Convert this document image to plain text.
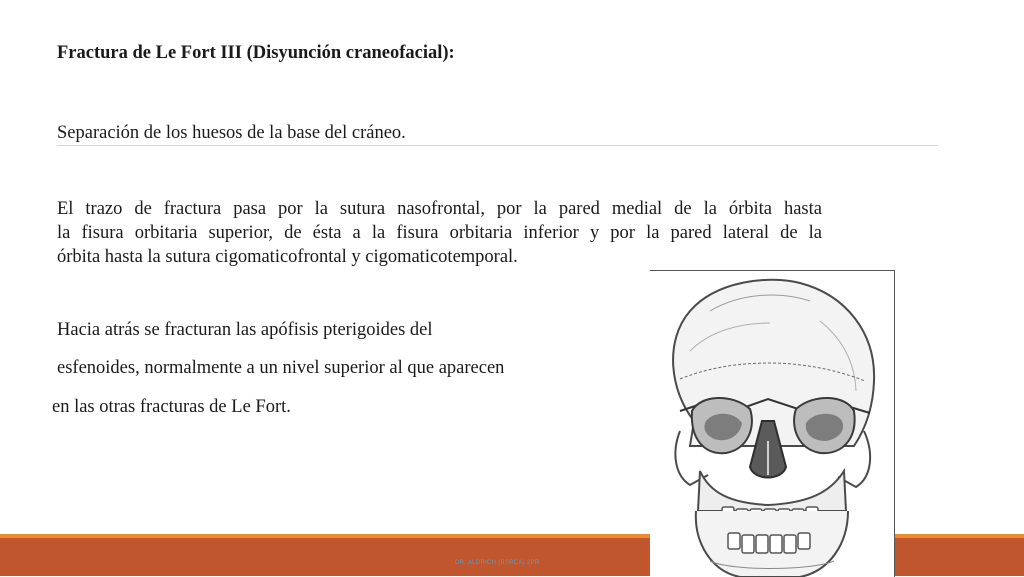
Fractura de Le Fort III (Disyunción craneofacial):
Separación de los huesos de la base del cráneo.
El trazo de fractura pasa por la sutura nasofrontal, por la pared medial de la órbita hasta
la fisura orbitaria superior, de ésta a la fisura orbitaria inferior y por la pared lateral de la
órbita hasta la sutura cigomaticofrontal y cigomaticotemporal.
Hacia atrás se fracturan las apófisis pterigoides del
esfenoides, normalmente a un nivel superior al que aparecen
en las otras fracturas de Le Fort.
DR. ALDRICH (BSRCA) 2PR
